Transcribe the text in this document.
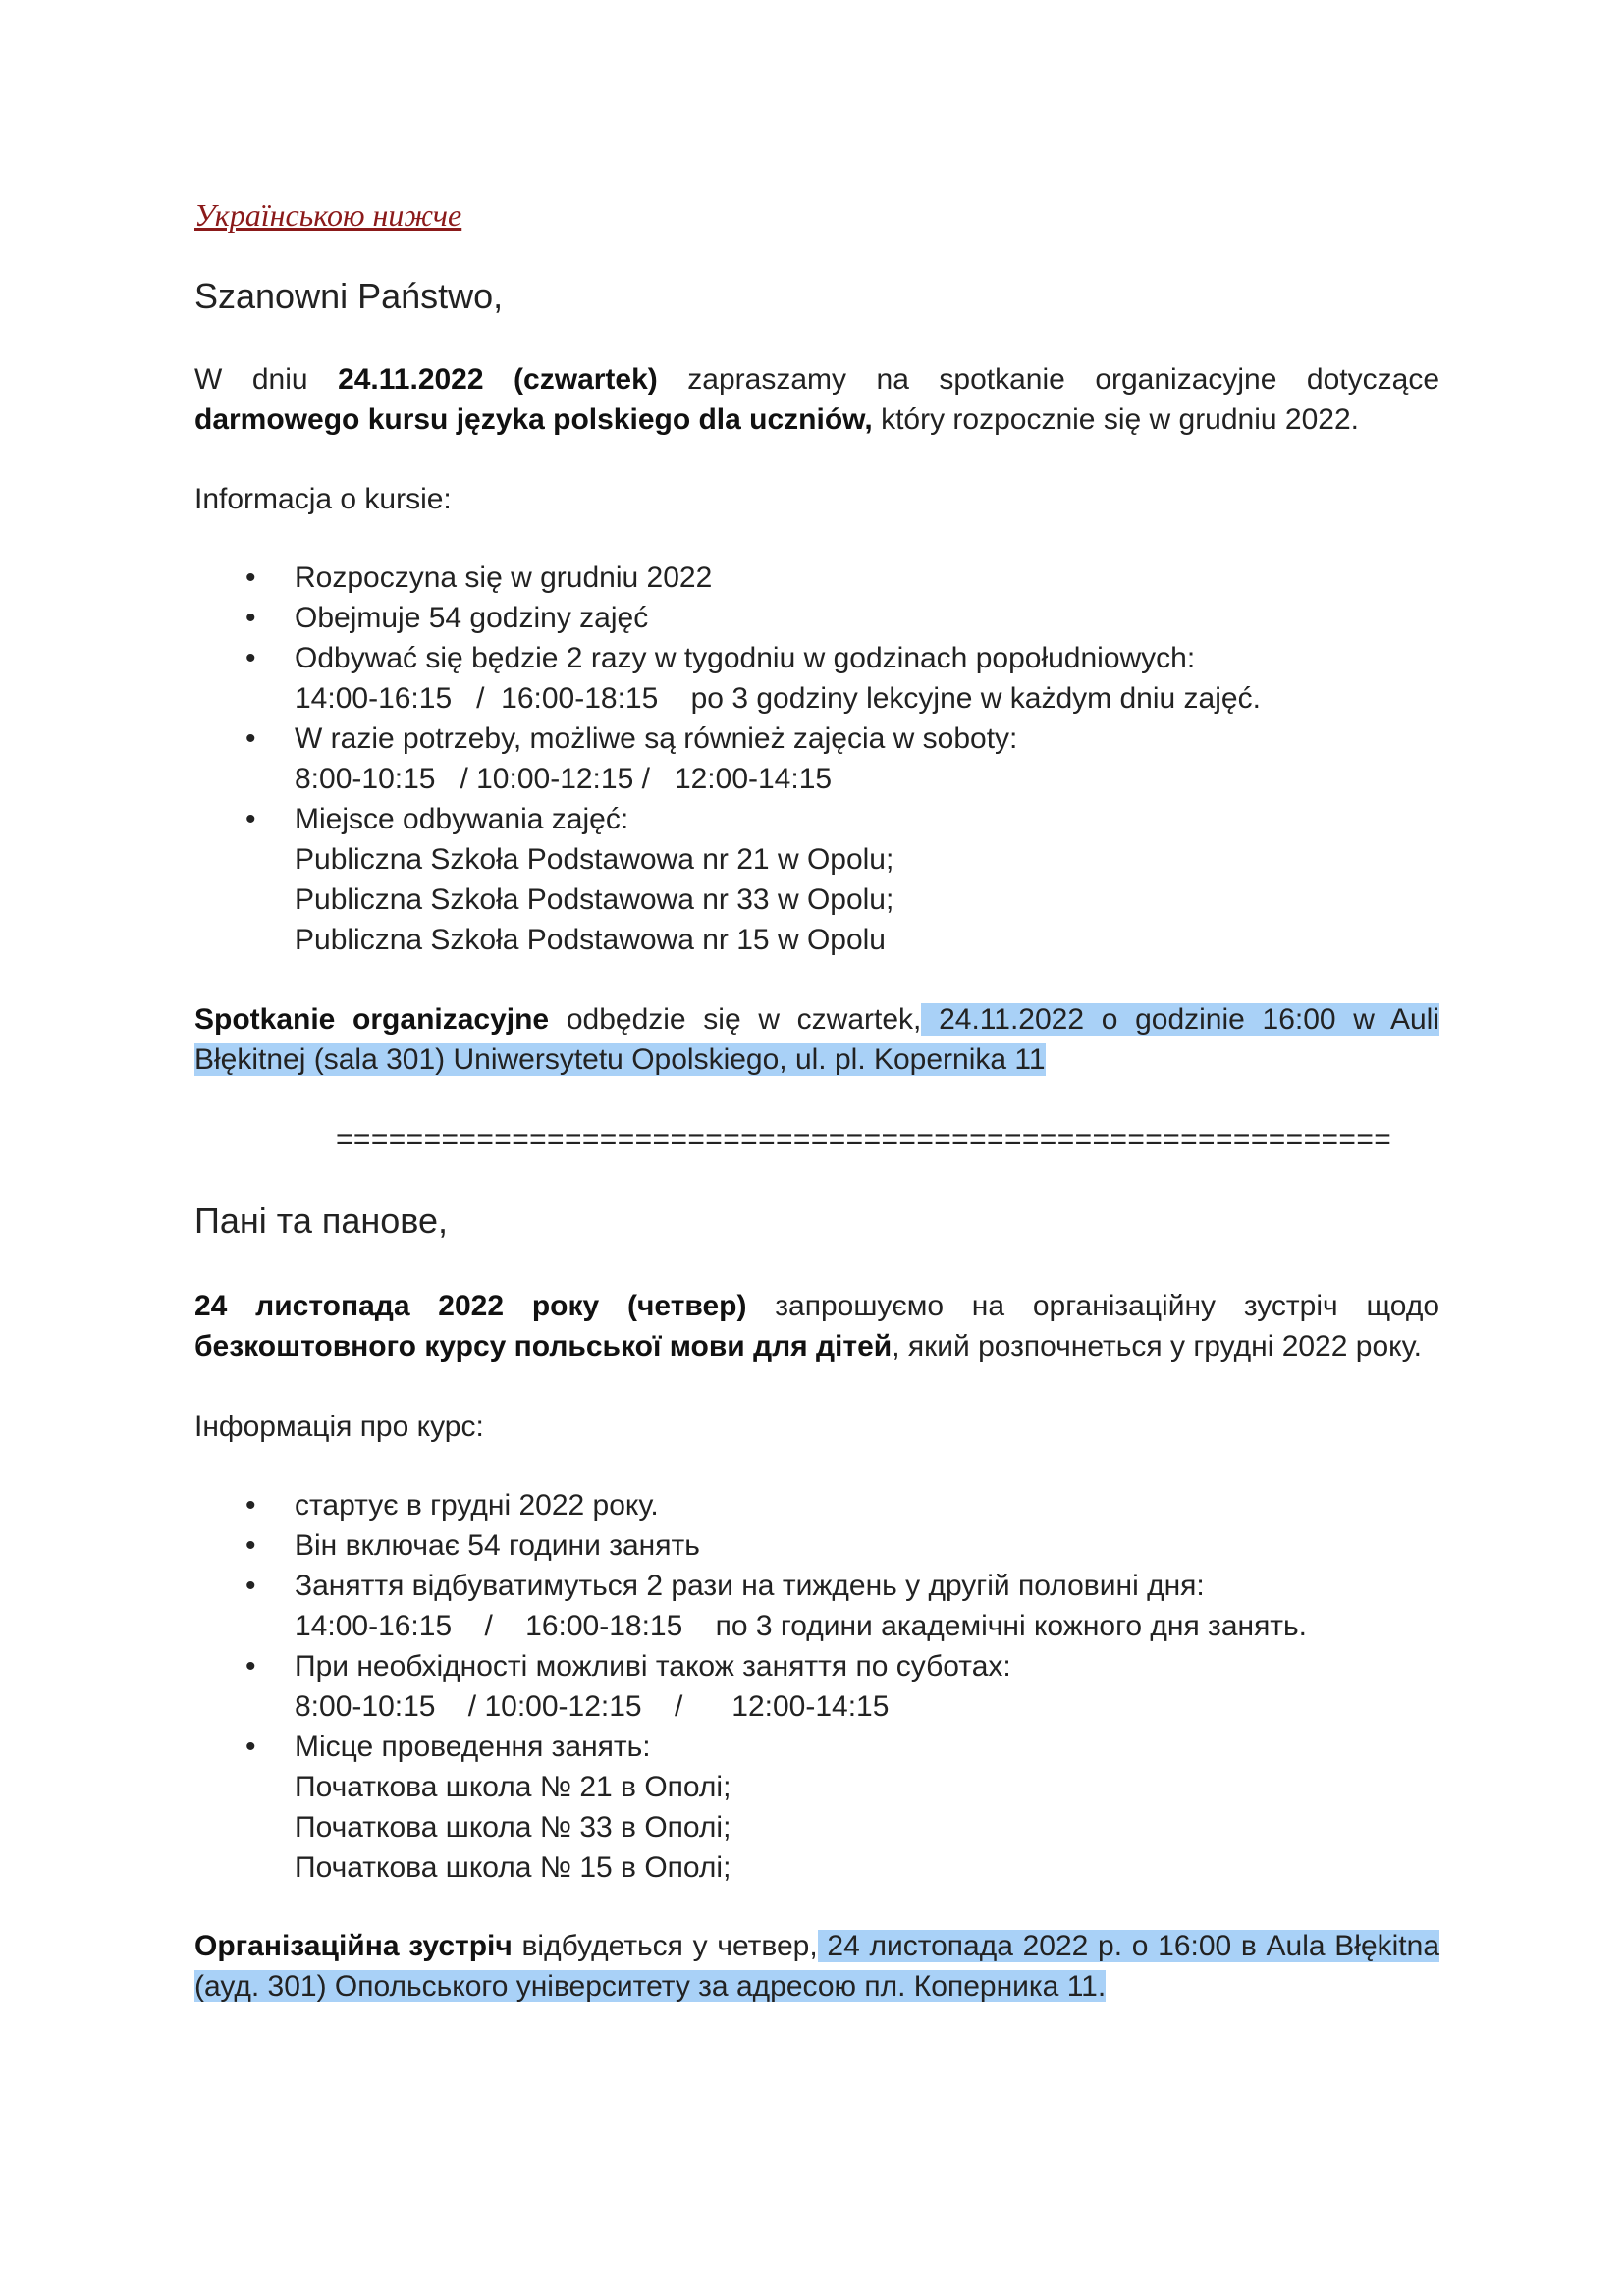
Українською нижче
Szanowni Państwo,
W dniu 24.11.2022 (czwartek) zapraszamy na spotkanie organizacyjne dotyczące
darmowego kursu języka polskiego dla uczniów, który rozpocznie się w grudniu 2022.
Informacja o kursie:
• Rozpoczyna się w grudniu 2022
• Obejmuje 54 godziny zajęć
• Odbywać się będzie 2 razy w tygodniu w godzinach popołudniowych:
14:00-16:15   /  16:00-18:15    po 3 godziny lekcyjne w każdym dniu zajęć.
• W razie potrzeby, możliwe są również zajęcia w soboty:
8:00-10:15   / 10:00-12:15 /   12:00-14:15
• Miejsce odbywania zajęć:
Publiczna Szkoła Podstawowa nr 21 w Opolu;
Publiczna Szkoła Podstawowa nr 33 w Opolu;
Publiczna Szkoła Podstawowa nr 15 w Opolu
Spotkanie organizacyjne odbędzie się w czwartek, 24.11.2022 o godzinie 16:00 w Auli
Błękitnej (sala 301) Uniwersytetu Opolskiego, ul. pl. Kopernika 11
============================================================
Пані та панове,
24 листопада 2022 року (четвер) запрошуємо на організаційну зустріч щодо
безкоштовного курсу польської мови для дітей, який розпочнеться у грудні 2022 року.
Інформація про курс:
• стартує в грудні 2022 року.
• Він включає 54 години занять
• Заняття відбуватимуться 2 рази на тиждень у другій половині дня:
14:00-16:15    /    16:00-18:15    по 3 години академічні кожного дня занять.
• При необхідності можливі також заняття по суботах:
8:00-10:15    / 10:00-12:15    /      12:00-14:15
• Місце проведення занять:
Початкова школа № 21 в Ополі;
Початкова школа № 33 в Ополі;
Початкова школа № 15 в Ополі;
Організаційна зустріч відбудеться у четвер, 24 листопада 2022 р. о 16:00 в Aula Błękitna
(ауд. 301) Опольського університету за адресою пл. Коперника 11.
